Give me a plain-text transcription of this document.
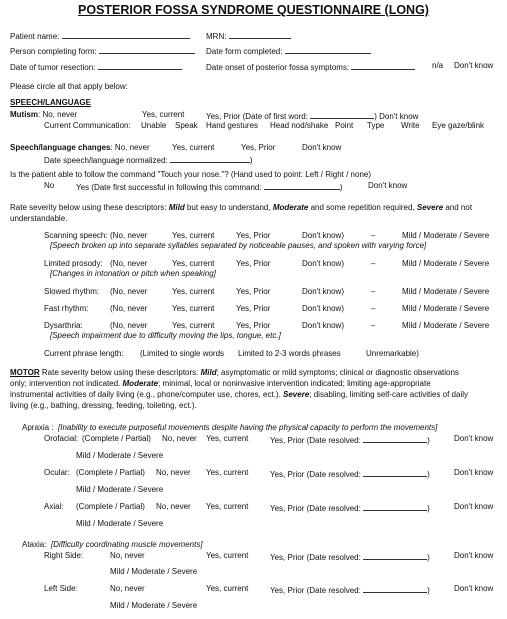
POSTERIOR FOSSA SYNDROME QUESTIONNAIRE (LONG)
Patient name:	MRN:
Person completing form:	Date form completed:
Date of tumor resection:	Date onset of posterior fossa symptoms:	n/a Don't know
Please circle all that apply below:
SPEECH/LANGUAGE
Mutism: No, never	Yes, current	Yes, Prior (Date of first word:	) Don't know
Current Communication: Unable Speak Hand gestures Head nod/shake Point Type Write Eye gaze/blink
Speech/language changes: No, never	Yes, current	Yes, Prior	Don't know
Date speech/language normalized:	)
Is the patient able to follow the command "Touch your nose."? (Hand used to point: Left / Right / none)
No	Yes (Date first successful in following this command:	)	Don't know
Rate severity below using these descriptors: Mild but easy to understand, Moderate and some repetition required, Severe and not
understandable.
Scanning speech: (No, never	Yes, current	Yes, Prior	Don't know)	–	Mild / Moderate / Severe
[Speech broken up into separate syllables separated by noticeable pauses, and spoken with varying force]
Limited prosody: (No, never	Yes, current	Yes, Prior	Don't know)	–	Mild / Moderate / Severe
[Changes in intonation or pitch when speaking]
Slowed rhythm: (No, never	Yes, current	Yes, Prior	Don't know)	–	Mild / Moderate / Severe
Fast rhythm:	(No, never	Yes, current	Yes, Prior	Don't know)	–	Mild / Moderate / Severe
Dysarthria:	(No, never	Yes, current	Yes, Prior	Don't know)	–	Mild / Moderate / Severe
[Speech impairment due to difficulty moving the lips, tongue, etc.]
Current phrase length: (Limited to single words Limited to 2-3 words phrases	Unremarkable)
MOTOR Rate severity below using these descriptors: Mild; asymptomatic or mild symptoms; clinical or diagnostic observations
only; intervention not indicated. Moderate; minimal, local or noninvasive intervention indicated; limiting age-appropriate
instrumental activities of daily living (e.g., phone/computer use, chores, ect.). Severe; disabling, limiting self-care activities of daily
living (e.g., bathing, dressing, feeding, toileting, ect.).
Apraxia : [Inability to execute purposeful movements despite having the physical capacity to perform the movements]
Orofacial: (Complete / Partial) No, never Yes, current	Yes, Prior (Date resolved:	)	Don't know
Mild / Moderate / Severe
Ocular: (Complete / Partial) No, never Yes, current	Yes, Prior (Date resolved:	)	Don't know
Mild / Moderate / Severe
Axial: (Complete / Partial) No, never Yes, current	Yes, Prior (Date resolved:	)	Don't know
Mild / Moderate / Severe
Ataxia: [Difficulty coordinating muscle movements]
Right Side:	No, never	Yes, current	Yes, Prior (Date resolved:	)	Don't know
Mild / Moderate / Severe
Left Side:	No, never	Yes, current	Yes, Prior (Date resolved:	)	Don't know
Mild / Moderate / Severe
